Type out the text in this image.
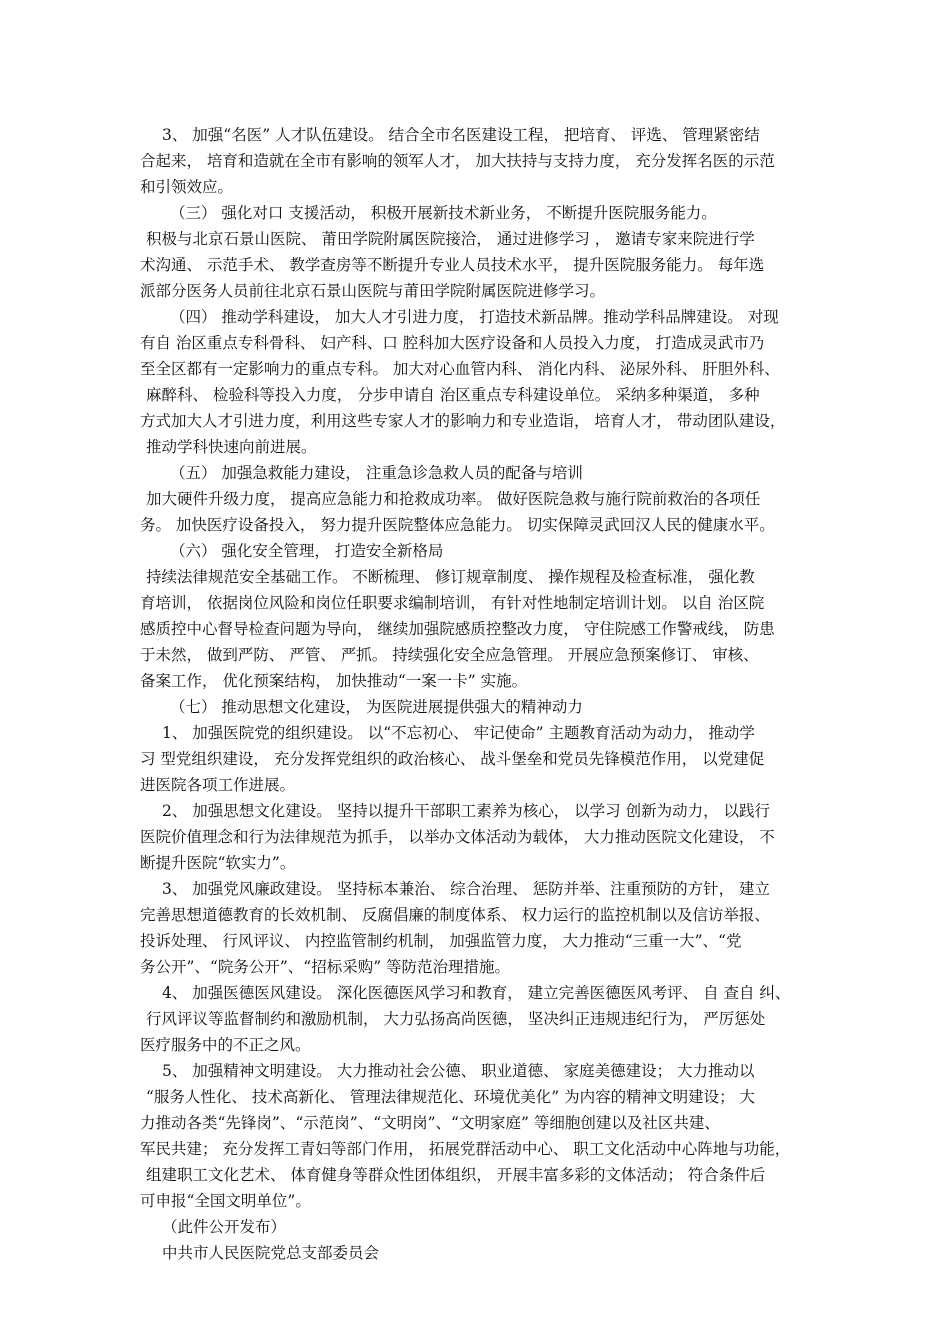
3、 加强“名医” 人才队伍建设。 结合全市名医建设工程， 把培育、 评选、 管理紧密结
合起来， 培育和造就在全市有影响的领军人才， 加大扶持与支持力度， 充分发挥名医的示范
和引领效应。
（三） 强化对口 支援活动， 积极开展新技术新业务， 不断提升医院服务能力。
积极与北京石景山医院、 莆田学院附属医院接洽， 通过进修学习 ， 邀请专家来院进行学
术沟通、 示范手术、 教学查房等不断提升专业人员技术水平， 提升医院服务能力。 每年选
派部分医务人员前往北京石景山医院与莆田学院附属医院进修学习。
（四） 推动学科建设， 加大人才引进力度， 打造技术新品牌。推动学科品牌建设。 对现
有自 治区重点专科骨科、 妇产科、口 腔科加大医疗设备和人员投入力度， 打造成灵武市乃
至全区都有一定影响力的重点专科。 加大对心血管内科、 消化内科、 泌尿外科、 肝胆外科、
麻醉科、 检验科等投入力度， 分步申请自 治区重点专科建设单位。 采纳多种渠道， 多种
方式加大人才引进力度，利用这些专家人才的影响力和专业造诣， 培育人才， 带动团队建设，
推动学科快速向前进展。
（五） 加强急救能力建设， 注重急诊急救人员的配备与培训
加大硬件升级力度， 提高应急能力和抢救成功率。 做好医院急救与施行院前救治的各项任
务。 加快医疗设备投入， 努力提升医院整体应急能力。 切实保障灵武回汉人民的健康水平。
（六） 强化安全管理， 打造安全新格局
持续法律规范安全基础工作。 不断梳理、 修订规章制度、 操作规程及检查标准， 强化教
育培训， 依据岗位风险和岗位任职要求编制培训， 有针对性地制定培训计划。 以自 治区院
感质控中心督导检查问题为导向， 继续加强院感质控整改力度， 守住院感工作警戒线， 防患
于未然， 做到严防、 严管、 严抓。 持续强化安全应急管理。 开展应急预案修订、 审核、
备案工作， 优化预案结构， 加快推动“一案一卡” 实施。
（七） 推动思想文化建设， 为医院进展提供强大的精神动力
1、 加强医院党的组织建设。 以“不忘初心、 牢记使命” 主题教育活动为动力， 推动学
习 型党组织建设， 充分发挥党组织的政治核心、 战斗堡垒和党员先锋模范作用， 以党建促
进医院各项工作进展。
2、 加强思想文化建设。 坚持以提升干部职工素养为核心， 以学习 创新为动力， 以践行
医院价值理念和行为法律规范为抓手， 以举办文体活动为载体， 大力推动医院文化建设， 不
断提升医院“软实力”。
3、 加强党风廉政建设。 坚持标本兼治、 综合治理、 惩防并举、注重预防的方针， 建立
完善思想道德教育的长效机制、 反腐倡廉的制度体系、 权力运行的监控机制以及信访举报、
投诉处理、 行风评议、 内控监管制约机制， 加强监管力度， 大力推动“三重一大”、“党
务公开”、“院务公开”、“招标采购” 等防范治理措施。
4、 加强医德医风建设。 深化医德医风学习和教育， 建立完善医德医风考评、 自 查自 纠、
行风评议等监督制约和激励机制， 大力弘扬高尚医德， 坚决纠正违规违纪行为， 严厉惩处
医疗服务中的不正之风。
5、 加强精神文明建设。 大力推动社会公德、 职业道德、 家庭美德建设； 大力推动以
“服务人性化、 技术高新化、 管理法律规范化、环境优美化” 为内容的精神文明建设； 大
力推动各类“先锋岗”、“示范岗”、“文明岗”、“文明家庭” 等细胞创建以及社区共建、
军民共建； 充分发挥工青妇等部门作用， 拓展党群活动中心、 职工文化活动中心阵地与功能，
组建职工文化艺术、 体育健身等群众性团体组织， 开展丰富多彩的文体活动； 符合条件后
可申报“全国文明单位”。
（此件公开发布）
中共市人民医院党总支部委员会
